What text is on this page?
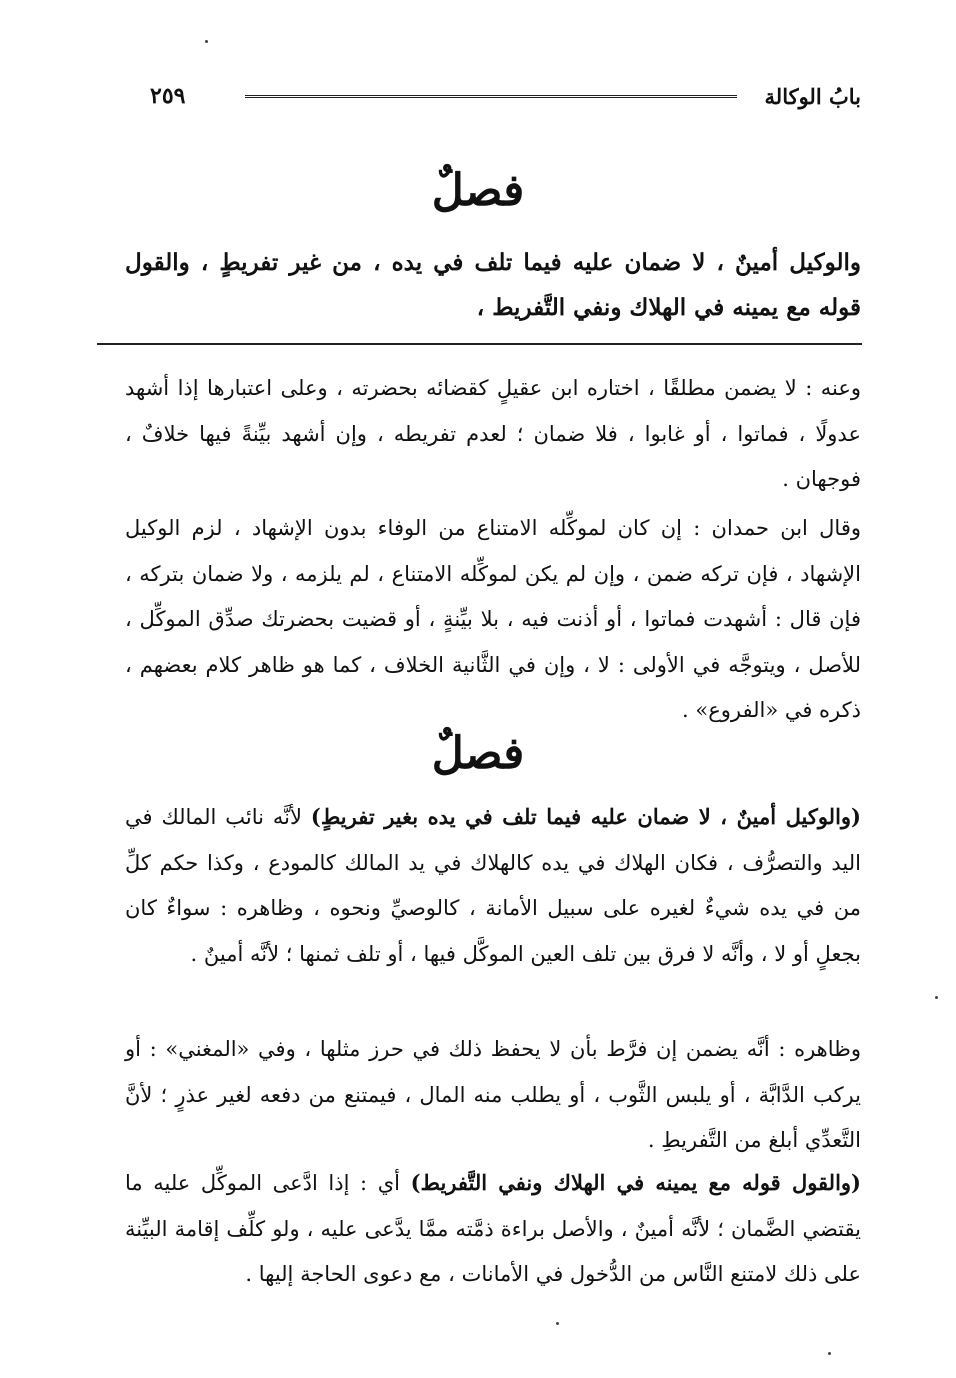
بابُ الوكالة
٢٥٩
فصلٌ
والوكيل أمينٌ ، لا ضمان عليه فيما تلف في يده ، من غير تفريطٍ ، والقول قوله مع يمينه في الهلاك ونفي التَّفريط ،

وعنه : لا يضمن مطلقًا ، اختاره ابن عقيلٍ كقضائه بحضرته ، وعلى اعتبارها إذا أشهد عدولًا ، فماتوا ، أو غابوا ، فلا ضمان ؛ لعدم تفريطه ، وإن أشهد بيِّنةً فيها خلافٌ ، فوجهان .

وقال ابن حمدان : إن كان لموكِّله الامتناع من الوفاء بدون الإشهاد ، لزم الوكيل الإشهاد ، فإن تركه ضمن ، وإن لم يكن لموكِّله الامتناع ، لم يلزمه ، ولا ضمان بتركه ، فإن قال : أشهدت فماتوا ، أو أذنت فيه ، بلا بيِّنةٍ ، أو قضيت بحضرتك صدِّق الموكِّل ، للأصل ، ويتوجَّه في الأولى : لا ، وإن في الثَّانية الخلاف ، كما هو ظاهر كلام بعضهم ، ذكره في «الفروع» .

فصلٌ

(والوكيل أمينٌ ، لا ضمان عليه فيما تلف في يده بغير تفريطٍ) لأنَّه نائب المالك في اليد والتصرُّف ، فكان الهلاك في يده كالهلاك في يد المالك كالمودع ، وكذا حكم كلِّ من في يده شيءٌ لغيره على سبيل الأمانة ، كالوصيِّ ونحوه ، وظاهره : سواءٌ كان بجعلٍ أو لا ، وأنَّه لا فرق بين تلف العين الموكَّل فيها ، أو تلف ثمنها ؛ لأنَّه أمينٌ .

وظاهره : أنَّه يضمن إن فرَّط بأن لا يحفظ ذلك في حرز مثلها ، وفي «المغني» : أو يركب الدَّابَّة ، أو يلبس الثَّوب ، أو يطلب منه المال ، فيمتنع من دفعه لغير عذرٍ ؛ لأنَّ التَّعدِّي أبلغ من التَّفريطِ .

(والقول قوله مع يمينه في الهلاك ونفي التَّفريط) أي : إذا ادَّعى الموكِّل عليه ما يقتضي الضَّمان ؛ لأنَّه أمينٌ ، والأصل براءة ذمَّته ممَّا يدَّعى عليه ، ولو كلِّف إقامة البيِّنة على ذلك لامتنع النَّاس من الدُّخول في الأمانات ، مع دعوى الحاجة إليها .
